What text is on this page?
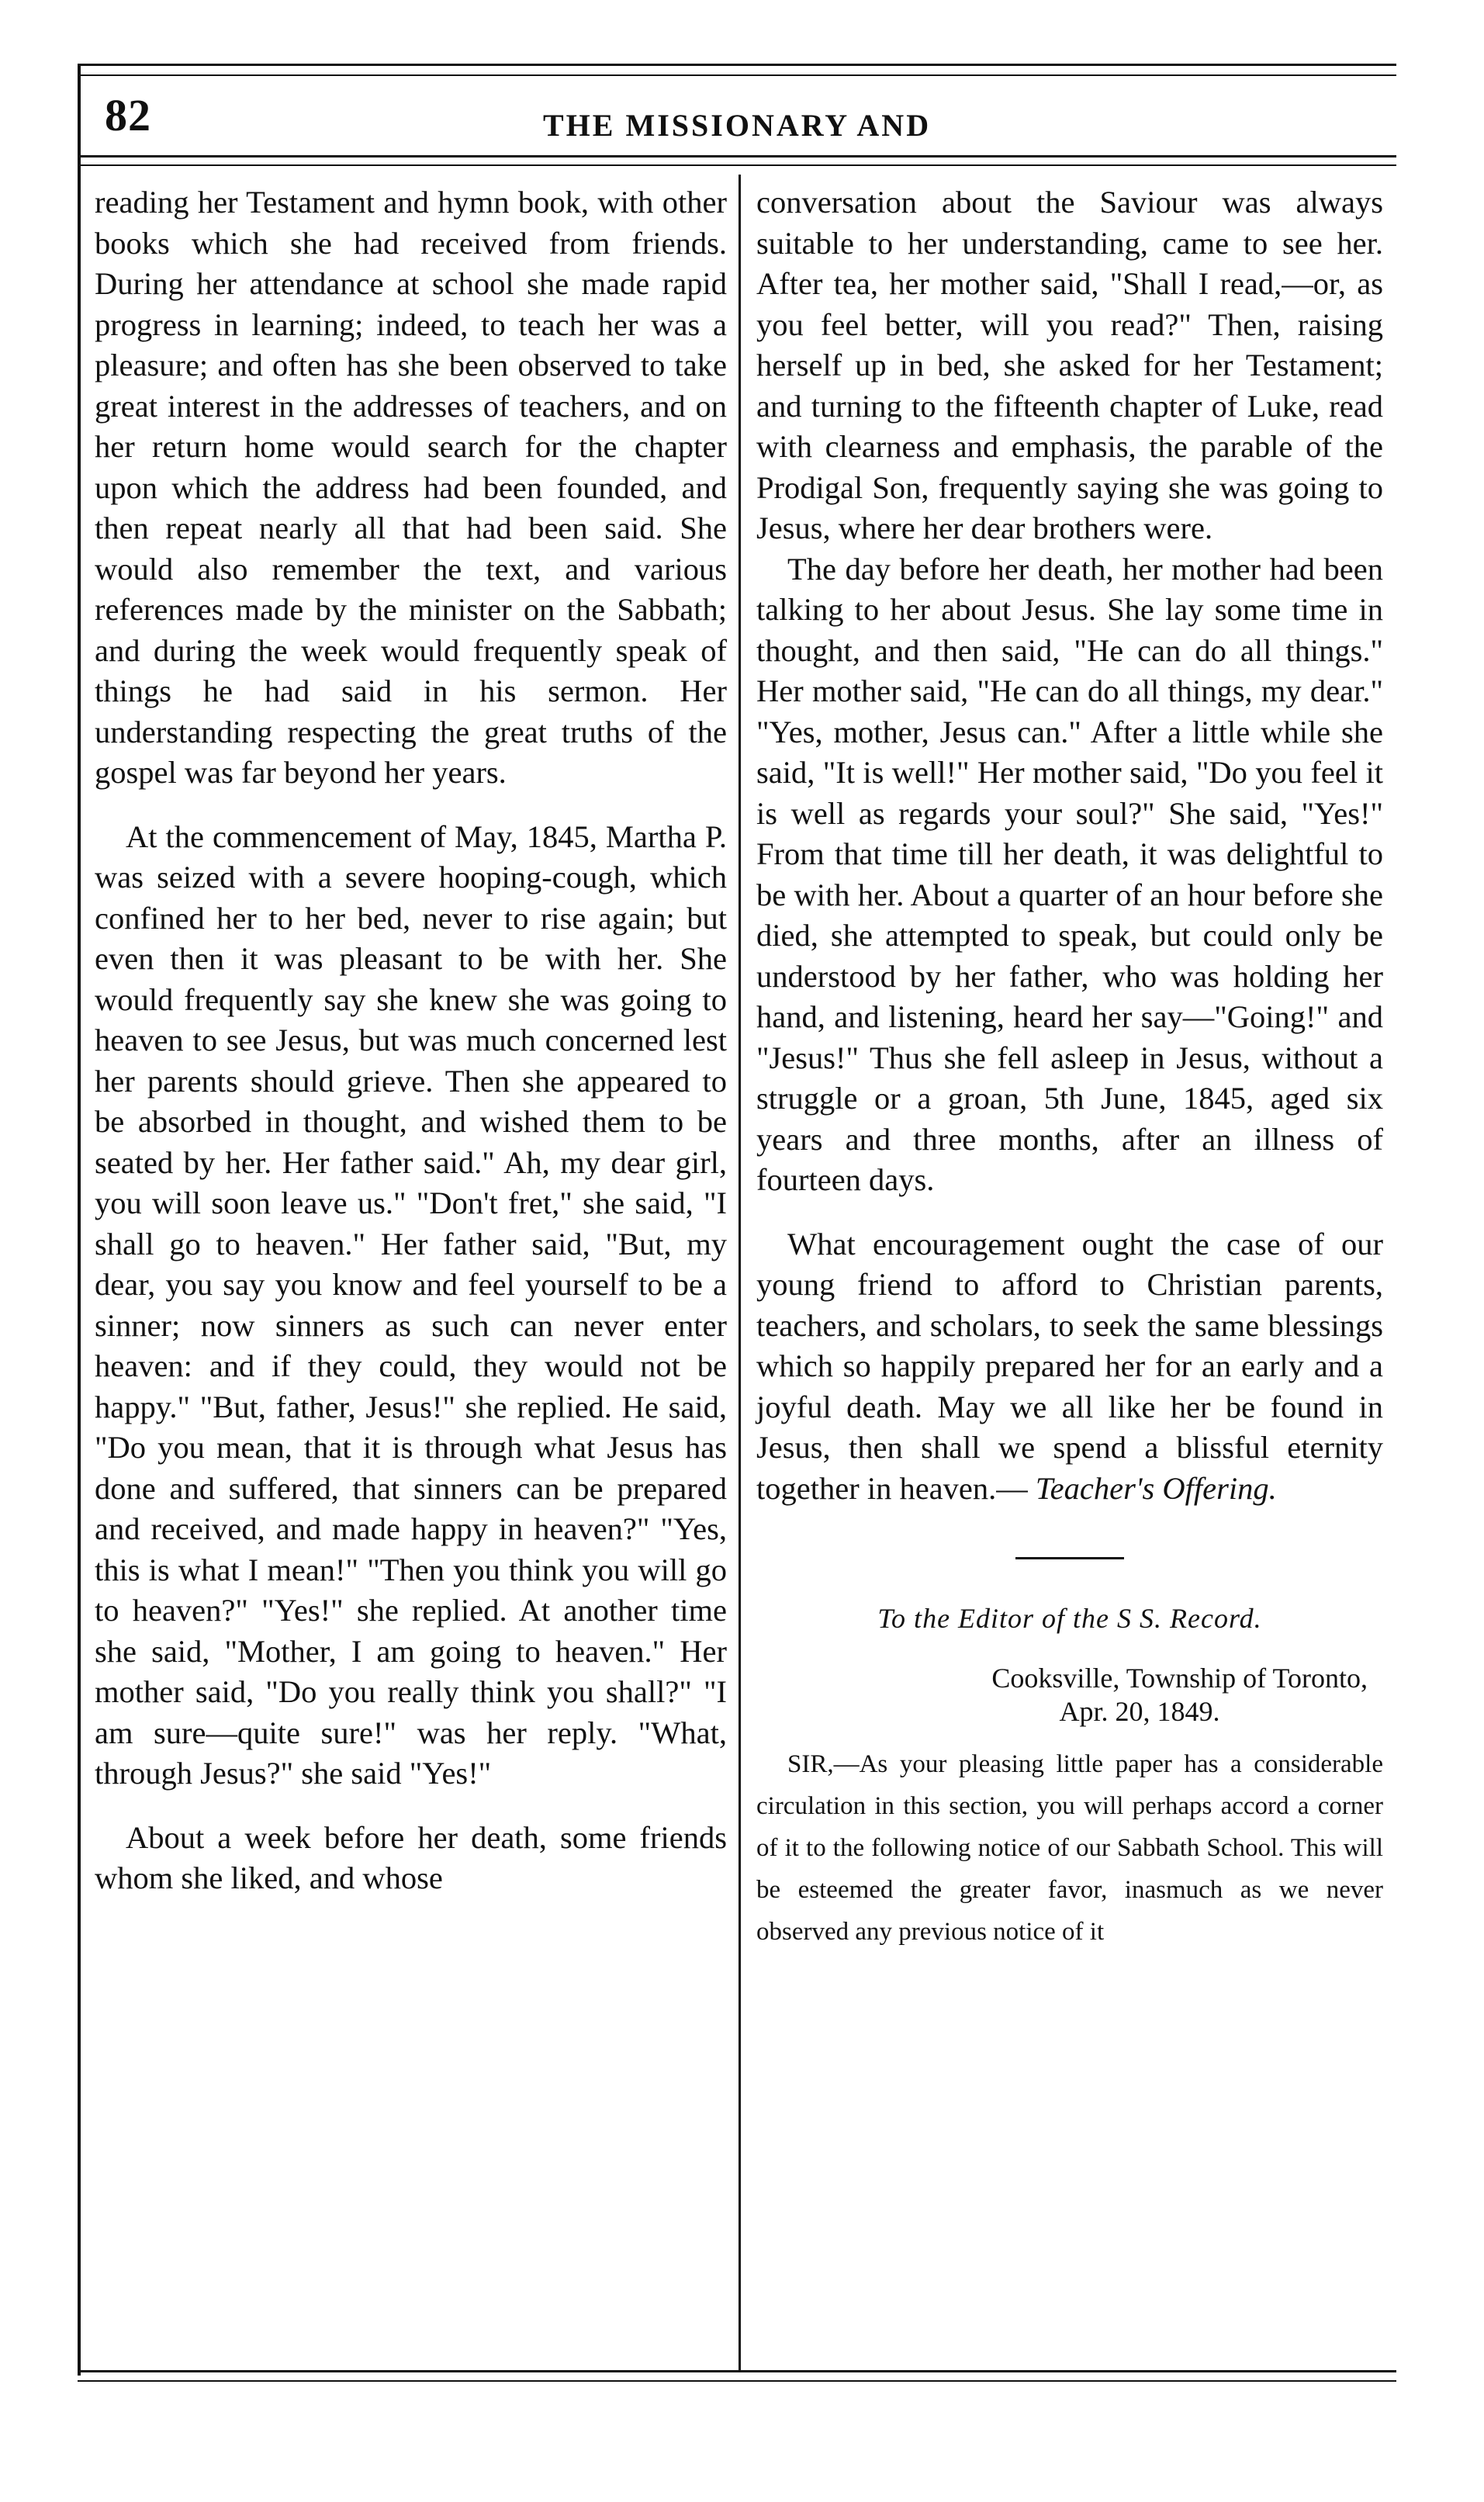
82	THE MISSIONARY AND

reading her Testament and hymn book, with other books which she had received from friends. During her attendance at school she made rapid progress in learning; indeed, to teach her was a pleasure; and often has she been observed to take great interest in the addresses of teachers, and on her return home would search for the chapter upon which the address had been founded, and then repeat nearly all that had been said. She would also remember the text, and various references made by the minister on the Sabbath; and during the week would frequently speak of things he had said in his sermon. Her understanding respecting the great truths of the gospel was far beyond her years.

At the commencement of May, 1845, Martha P. was seized with a severe hooping-cough, which confined her to her bed, never to rise again; but even then it was pleasant to be with her. She would frequently say she knew she was going to heaven to see Jesus, but was much concerned lest her parents should grieve. Then she appeared to be absorbed in thought, and wished them to be seated by her. Her father said." Ah, my dear girl, you will soon leave us." "Don't fret," she said, "I shall go to heaven." Her father said, "But, my dear, you say you know and feel yourself to be a sinner; now sinners as such can never enter heaven: and if they could, they would not be happy." "But, father, Jesus!" she replied. He said, "Do you mean, that it is through what Jesus has done and suffered, that sinners can be prepared and received, and made happy in heaven?" "Yes, this is what I mean!" "Then you think you will go to heaven?" "Yes!" she replied. At another time she said, "Mother, I am going to heaven." Her mother said, "Do you really think you shall?" "I am sure—quite sure!" was her reply. "What, through Jesus?" she said "Yes!"

About a week before her death, some friends whom she liked, and whose

conversation about the Saviour was always suitable to her understanding, came to see her. After tea, her mother said, "Shall I read,—or, as you feel better, will you read?" Then, raising herself up in bed, she asked for her Testament; and turning to the fifteenth chapter of Luke, read with clearness and emphasis, the parable of the Prodigal Son, frequently saying she was going to Jesus, where her dear brothers were.

The day before her death, her mother had been talking to her about Jesus. She lay some time in thought, and then said, "He can do all things." Her mother said, "He can do all things, my dear." "Yes, mother, Jesus can." After a little while she said, "It is well!" Her mother said, "Do you feel it is well as regards your soul?" She said, "Yes!" From that time till her death, it was delightful to be with her. About a quarter of an hour before she died, she attempted to speak, but could only be understood by her father, who was holding her hand, and listening, heard her say—"Going!" and "Jesus!" Thus she fell asleep in Jesus, without a struggle or a groan, 5th June, 1845, aged six years and three months, after an illness of fourteen days.

What encouragement ought the case of our young friend to afford to Christian parents, teachers, and scholars, to seek the same blessings which so happily prepared her for an early and a joyful death. May we all like her be found in Jesus, then shall we spend a blissful eternity together in heaven.— Teacher's Offering.

To the Editor of the S S. Record.

Cooksville, Township of Toronto,

Apr. 20, 1849.

SIR,—As your pleasing little paper has a considerable circulation in this section, you will perhaps accord a corner of it to the following notice of our Sabbath School. This will be esteemed the greater favor, inasmuch as we never observed any previous notice of it
